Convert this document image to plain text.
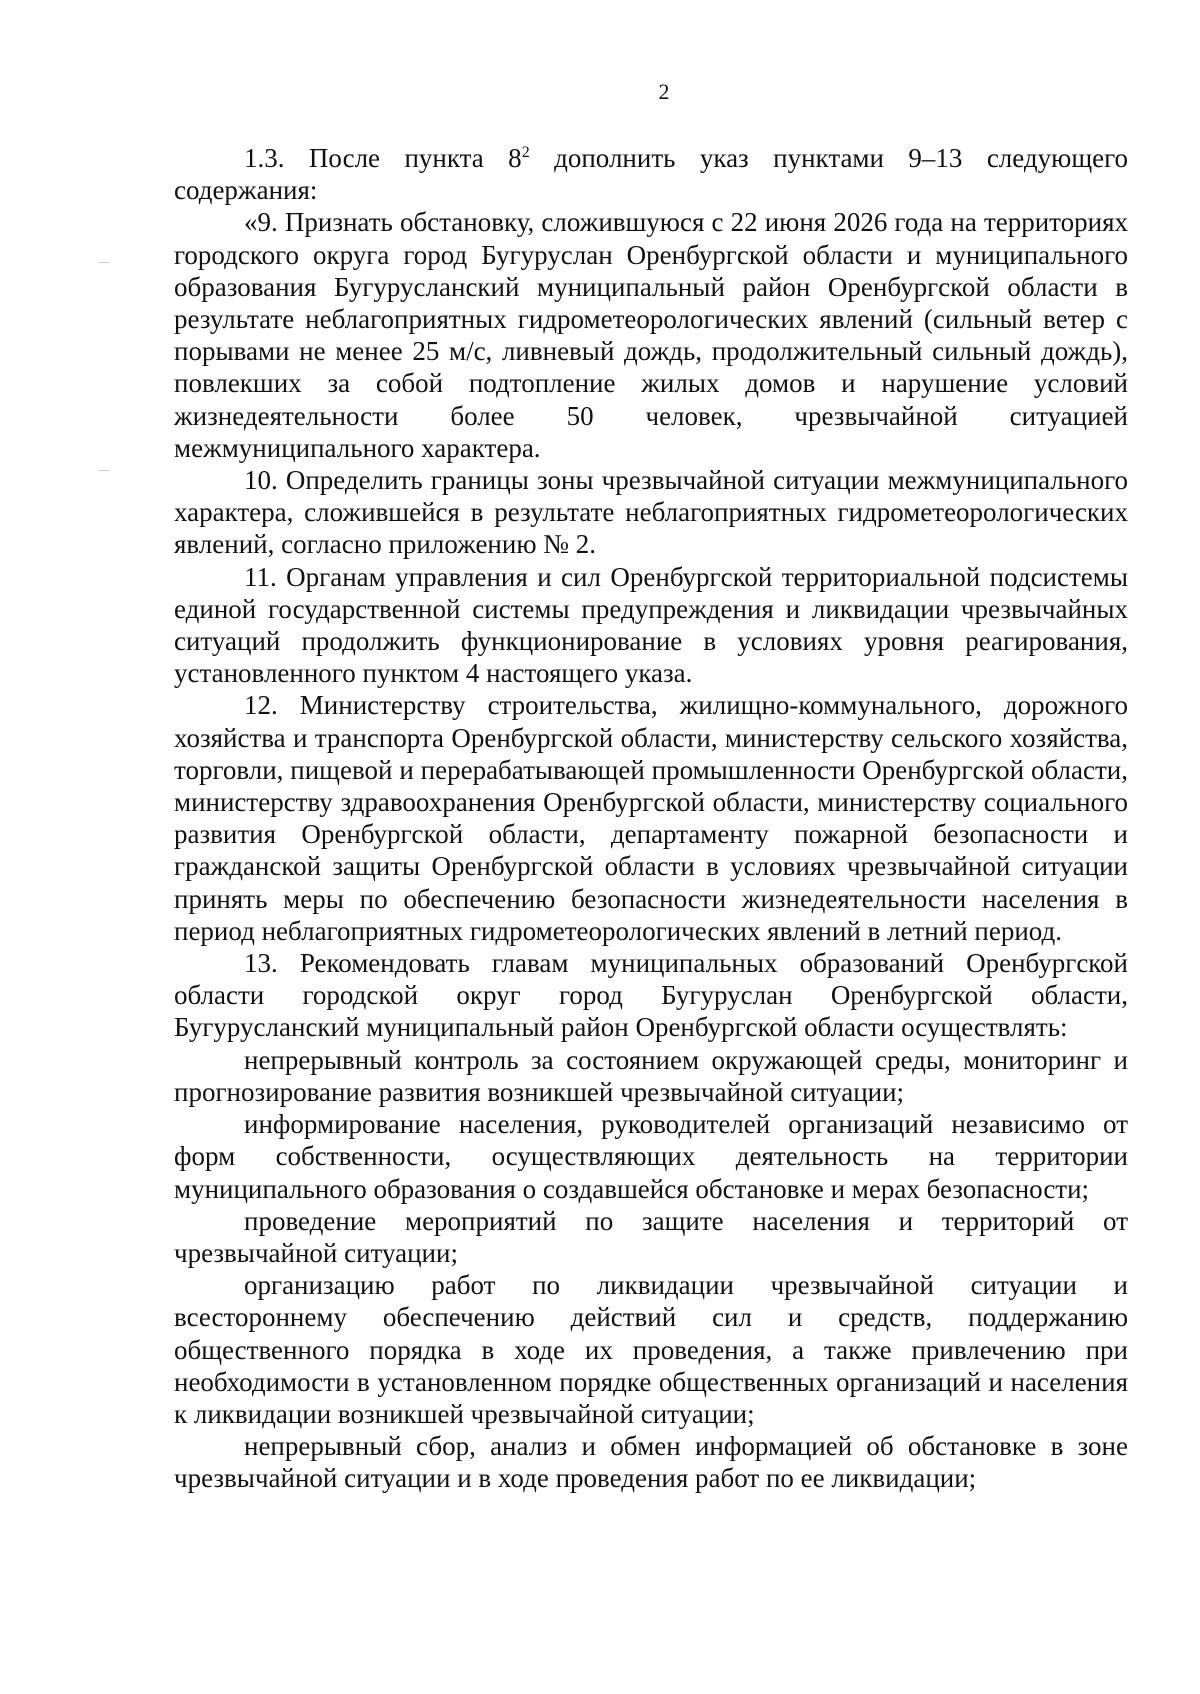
2

1.3. После пункта $8^2$ дополнить указ пунктами 9–13 следующего содержания:

«9. Признать обстановку, сложившуюся с 22 июня 2026 года на территориях городского округа город Бугуруслан Оренбургской области и муниципального образования Бугурусланский муниципальный район Оренбургской области в результате неблагоприятных гидрометеорологических явлений (сильный ветер с порывами не менее 25 м/с, ливневый дождь, продолжительный сильный дождь), повлекших за собой подтопление жилых домов и нарушение условий жизнедеятельности более 50 человек, чрезвычайной ситуацией межмуниципального характера.

10. Определить границы зоны чрезвычайной ситуации межмуниципального характера, сложившейся в результате неблагоприятных гидрометеорологических явлений, согласно приложению № 2.

11. Органам управления и сил Оренбургской территориальной подсистемы единой государственной системы предупреждения и ликвидации чрезвычайных ситуаций продолжить функционирование в условиях уровня реагирования, установленного пунктом 4 настоящего указа.

12. Министерству строительства, жилищно-коммунального, дорожного хозяйства и транспорта Оренбургской области, министерству сельского хозяйства, торговли, пищевой и перерабатывающей промышленности Оренбургской области, министерству здравоохранения Оренбургской области, министерству социального развития Оренбургской области, департаменту пожарной безопасности и гражданской защиты Оренбургской области в условиях чрезвычайной ситуации принять меры по обеспечению безопасности жизнедеятельности населения в период неблагоприятных гидрометеорологических явлений в летний период.

13. Рекомендовать главам муниципальных образований Оренбургской области городской округ город Бугуруслан Оренбургской области, Бугурусланский муниципальный район Оренбургской области осуществлять:

непрерывный контроль за состоянием окружающей среды, мониторинг и прогнозирование развития возникшей чрезвычайной ситуации;

информирование населения, руководителей организаций независимо от форм собственности, осуществляющих деятельность на территории муниципального образования о создавшейся обстановке и мерах безопасности;

проведение мероприятий по защите населения и территорий от чрезвычайной ситуации;

организацию работ по ликвидации чрезвычайной ситуации и всестороннему обеспечению действий сил и средств, поддержанию общественного порядка в ходе их проведения, а также привлечению при необходимости в установленном порядке общественных организаций и населения к ликвидации возникшей чрезвычайной ситуации;

непрерывный сбор, анализ и обмен информацией об обстановке в зоне чрезвычайной ситуации и в ходе проведения работ по ее ликвидации;
